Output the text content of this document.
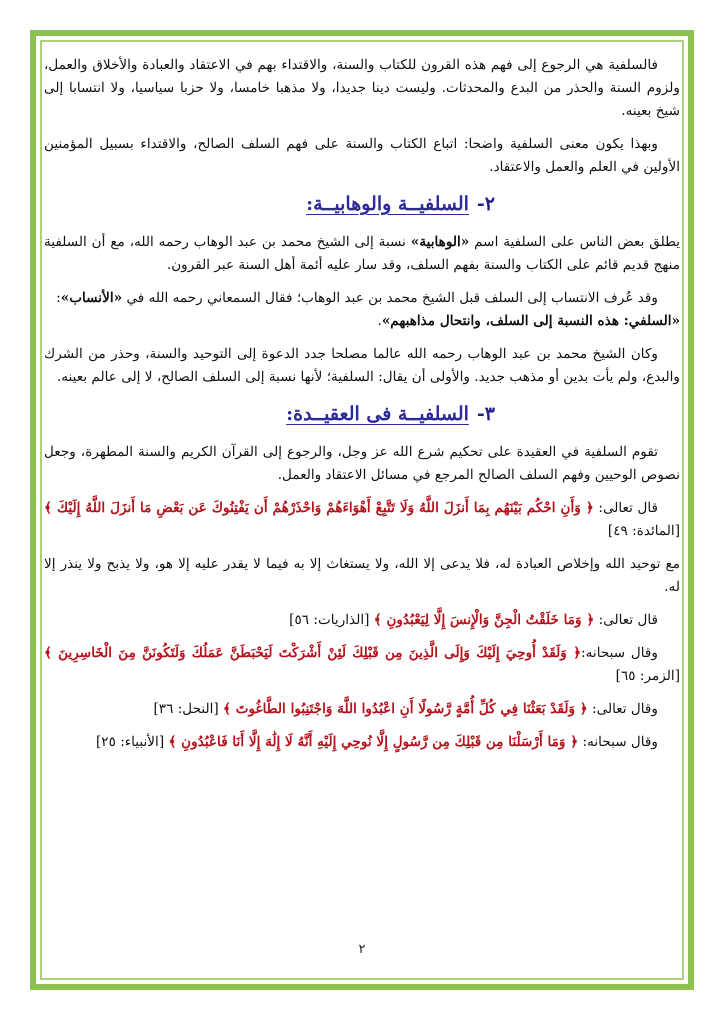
فالسلفية هي الرجوع إلى فهم هذه القرون للكتاب والسنة، والاقتداء بهم في الاعتقاد والعبادة والأخلاق والعمل، ولزوم السنة والحذر من البدع والمحدثات. وليست دينا جديدا، ولا مذهبا خامسا، ولا حزبا سياسيا، ولا انتسابا إلى شيخ بعينه.

وبهذا يكون معنى السلفية واضحا: اتباع الكتاب والسنة على فهم السلف الصالح، والاقتداء بسبيل المؤمنين الأولين في العلم والعمل والاعتقاد.

٢-السلفيــة والوهابيــة:

يطلق بعض الناس على السلفية اسم «الوهابية» نسبة إلى الشيخ محمد بن عبد الوهاب رحمه الله، مع أن السلفية منهج قديم قائم على الكتاب والسنة بفهم السلف، وقد سار عليه أئمة أهل السنة عبر القرون.

وقد عُرف الانتساب إلى السلف قبل الشيخ محمد بن عبد الوهاب؛ فقال السمعاني رحمه الله في «الأنساب»:
«السلفي: هذه النسبة إلى السلف، وانتحال مذاهبهم».

وكان الشيخ محمد بن عبد الوهاب رحمه الله عالما مصلحا جدد الدعوة إلى التوحيد والسنة، وحذر من الشرك والبدع، ولم يأت بدين أو مذهب جديد. والأولى أن يقال: السلفية؛ لأنها نسبة إلى السلف الصالح، لا إلى عالم بعينه.

٣-السلفيــة فى العقيــدة:

تقوم السلفية في العقيدة على تحكيم شرع الله عز وجل، والرجوع إلى القرآن الكريم والسنة المطهرة، وجعل نصوص الوحيين وفهم السلف الصالح المرجع في مسائل الاعتقاد والعمل.

قال تعالى: ﴿ وَأَنِ احْكُم بَيْنَهُم بِمَا أَنزَلَ اللَّهُ وَلَا تَتَّبِعْ أَهْوَاءَهُمْ وَاحْذَرْهُمْ أَن يَفْتِنُوكَ عَن بَعْضِ مَا أَنزَلَ اللَّهُ إِلَيْكَ ﴾ [المائدة: ٤٩]

مع توحيد الله وإخلاص العبادة له، فلا يدعى إلا الله، ولا يستغاث إلا به فيما لا يقدر عليه إلا هو، ولا يذبح ولا ينذر إلا له.

قال تعالى: ﴿ وَمَا خَلَقْتُ الْجِنَّ وَالْإِنسَ إِلَّا لِيَعْبُدُونِ ﴾ [الذاريات: ٥٦]

وقال سبحانه:﴿ وَلَقَدْ أُوحِيَ إِلَيْكَ وَإِلَى الَّذِينَ مِن قَبْلِكَ لَئِنْ أَشْرَكْتَ لَيَحْبَطَنَّ عَمَلُكَ وَلَتَكُونَنَّ مِنَ الْخَاسِرِينَ ﴾ [الزمر: ٦٥]

وقال تعالى: ﴿ وَلَقَدْ بَعَثْنَا فِي كُلِّ أُمَّةٍ رَّسُولًا أَنِ اعْبُدُوا اللَّهَ وَاجْتَنِبُوا الطَّاغُوتَ ﴾ [النحل: ٣٦]

وقال سبحانه: ﴿ وَمَا أَرْسَلْنَا مِن قَبْلِكَ مِن رَّسُولٍ إِلَّا نُوحِي إِلَيْهِ أَنَّهُ لَا إِلَٰهَ إِلَّا أَنَا فَاعْبُدُونِ ﴾ [الأنبياء: ٢٥]

٢
